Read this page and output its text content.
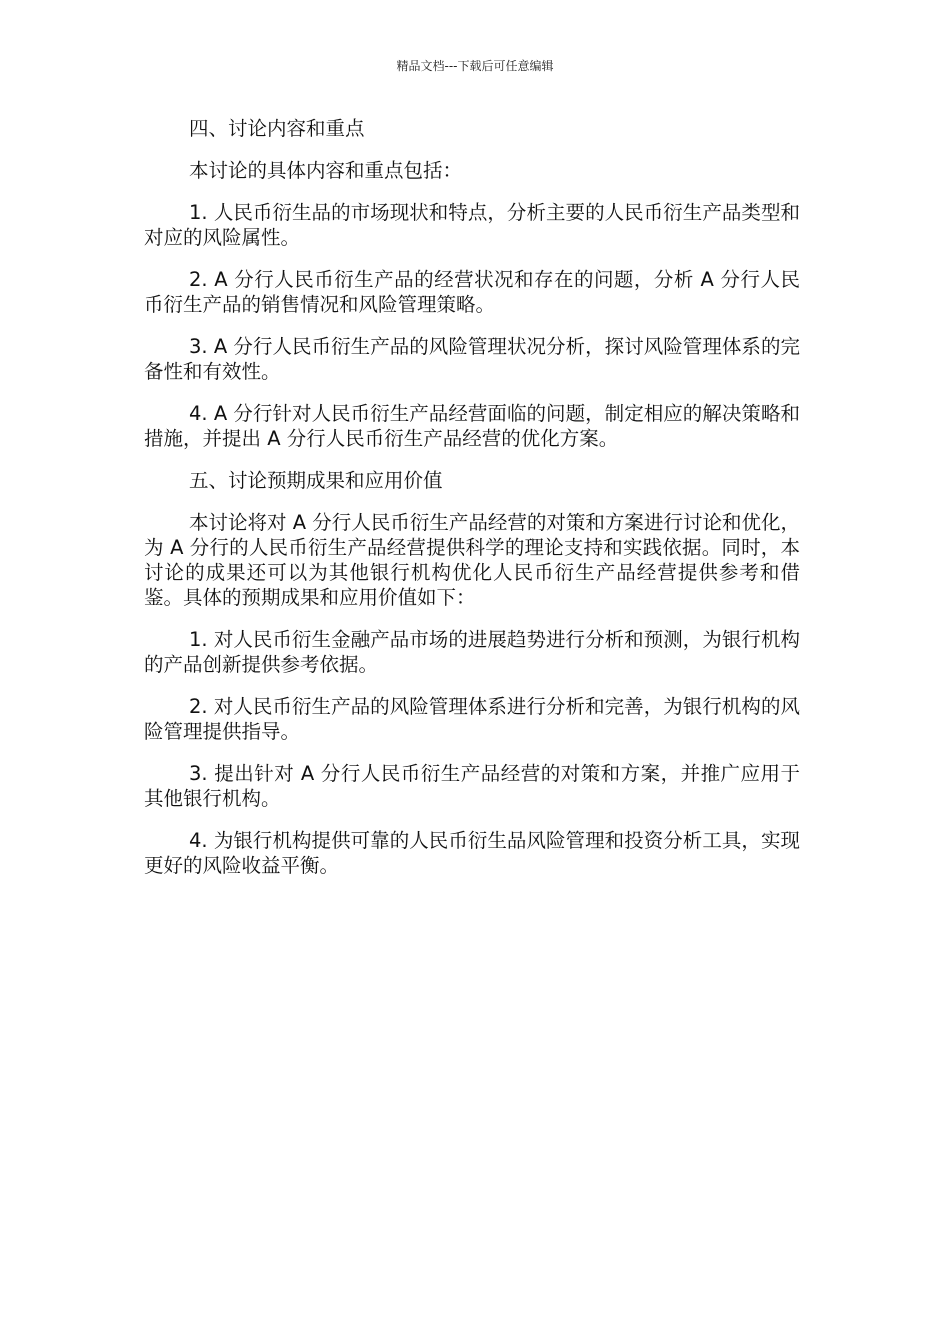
精品文档---下载后可任意编辑

四、讨论内容和重点

本讨论的具体内容和重点包括：

1. 人民币衍生品的市场现状和特点，分析主要的人民币衍生产品类型和对应的风险属性。

2. A 分行人民币衍生产品的经营状况和存在的问题，分析 A 分行人民币衍生产品的销售情况和风险管理策略。

3. A 分行人民币衍生产品的风险管理状况分析，探讨风险管理体系的完备性和有效性。

4. A 分行针对人民币衍生产品经营面临的问题，制定相应的解决策略和措施，并提出 A 分行人民币衍生产品经营的优化方案。

五、讨论预期成果和应用价值

本讨论将对 A 分行人民币衍生产品经营的对策和方案进行讨论和优化，为 A 分行的人民币衍生产品经营提供科学的理论支持和实践依据。同时，本讨论的成果还可以为其他银行机构优化人民币衍生产品经营提供参考和借鉴。具体的预期成果和应用价值如下：

1. 对人民币衍生金融产品市场的进展趋势进行分析和预测，为银行机构的产品创新提供参考依据。

2. 对人民币衍生产品的风险管理体系进行分析和完善，为银行机构的风险管理提供指导。

3. 提出针对 A 分行人民币衍生产品经营的对策和方案，并推广应用于其他银行机构。

4. 为银行机构提供可靠的人民币衍生品风险管理和投资分析工具，实现更好的风险收益平衡。
